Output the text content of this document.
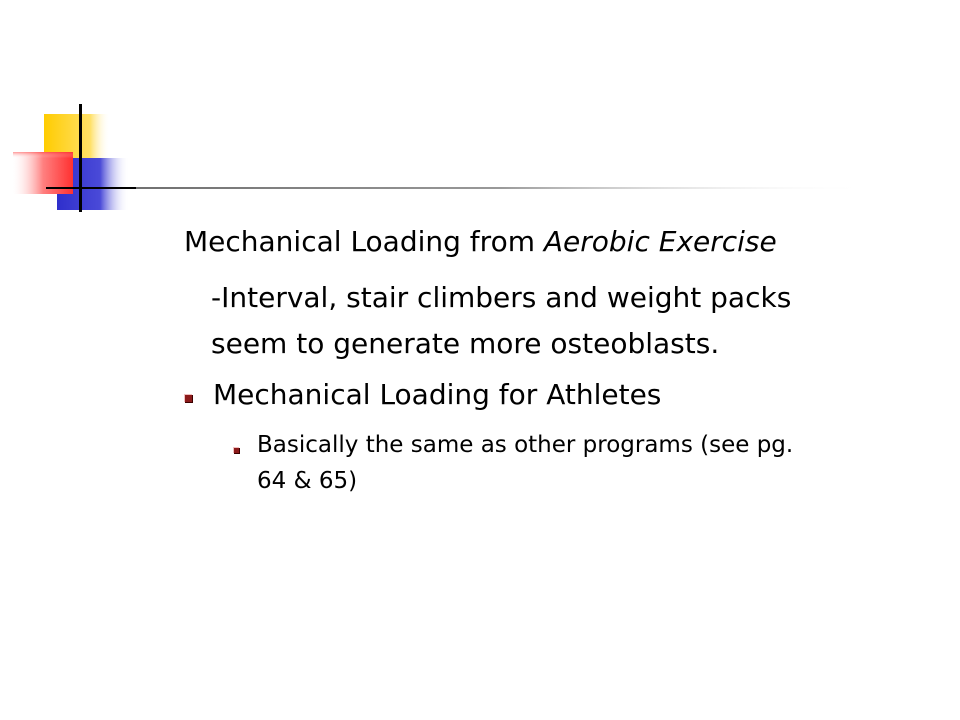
Mechanical Loading from Aerobic Exercise
-Interval, stair climbers and weight packs
seem to generate more osteoblasts.
Mechanical Loading for Athletes
Basically the same as other programs (see pg.
64 & 65)
